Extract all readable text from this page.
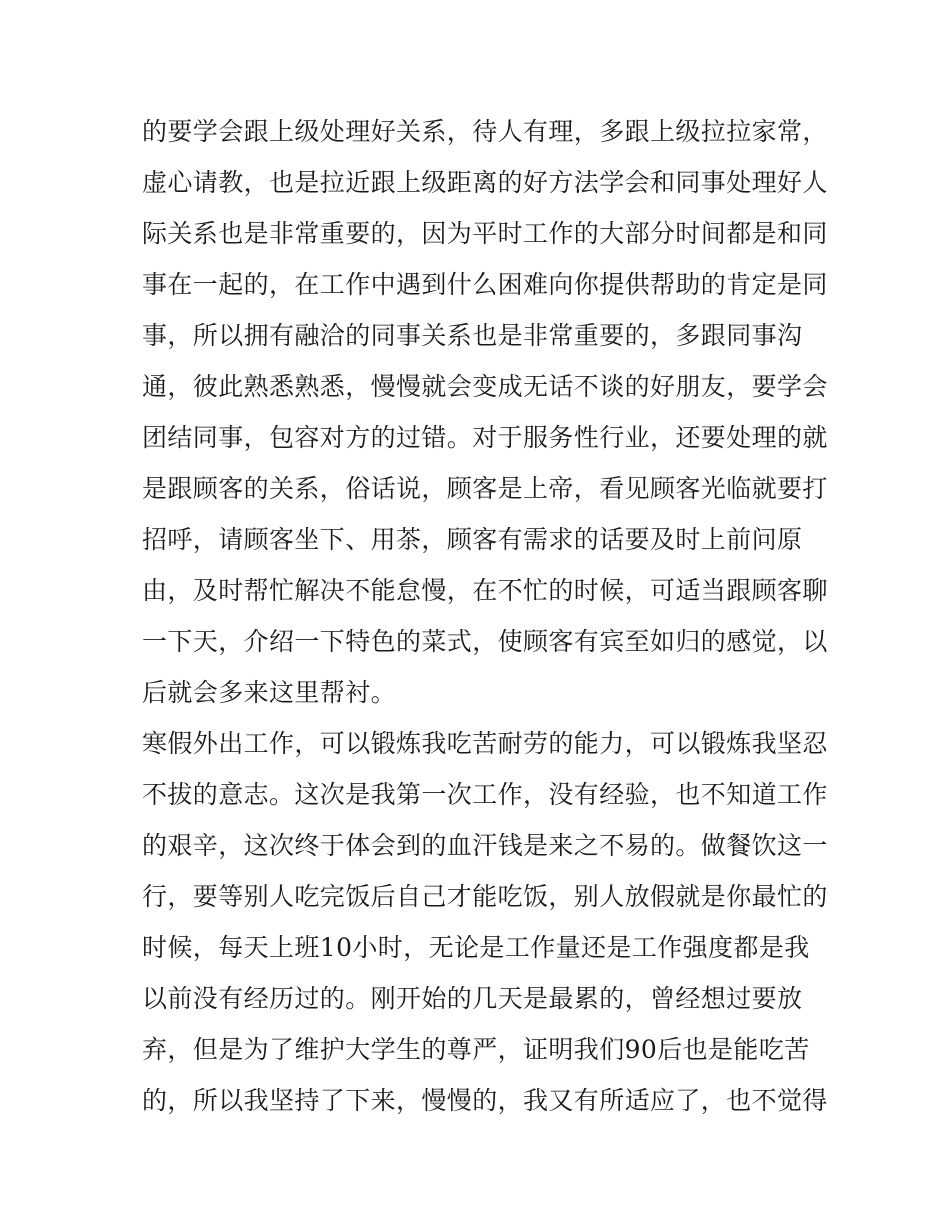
的要学会跟上级处理好关系，待人有理，多跟上级拉拉家常，
虚心请教，也是拉近跟上级距离的好方法学会和同事处理好人
际关系也是非常重要的，因为平时工作的大部分时间都是和同
事在一起的，在工作中遇到什么困难向你提供帮助的肯定是同
事，所以拥有融洽的同事关系也是非常重要的，多跟同事沟
通，彼此熟悉熟悉，慢慢就会变成无话不谈的好朋友，要学会
团结同事，包容对方的过错。对于服务性行业，还要处理的就
是跟顾客的关系，俗话说，顾客是上帝，看见顾客光临就要打
招呼，请顾客坐下、用茶，顾客有需求的话要及时上前问原
由，及时帮忙解决不能怠慢，在不忙的时候，可适当跟顾客聊
一下天，介绍一下特色的菜式，使顾客有宾至如归的感觉，以
后就会多来这里帮衬。
寒假外出工作，可以锻炼我吃苦耐劳的能力，可以锻炼我坚忍
不拔的意志。这次是我第一次工作，没有经验，也不知道工作
的艰辛，这次终于体会到的血汗钱是来之不易的。做餐饮这一
行，要等别人吃完饭后自己才能吃饭，别人放假就是你最忙的
时候，每天上班10小时，无论是工作量还是工作强度都是我
以前没有经历过的。刚开始的几天是最累的，曾经想过要放
弃，但是为了维护大学生的尊严，证明我们90后也是能吃苦
的，所以我坚持了下来，慢慢的，我又有所适应了，也不觉得
